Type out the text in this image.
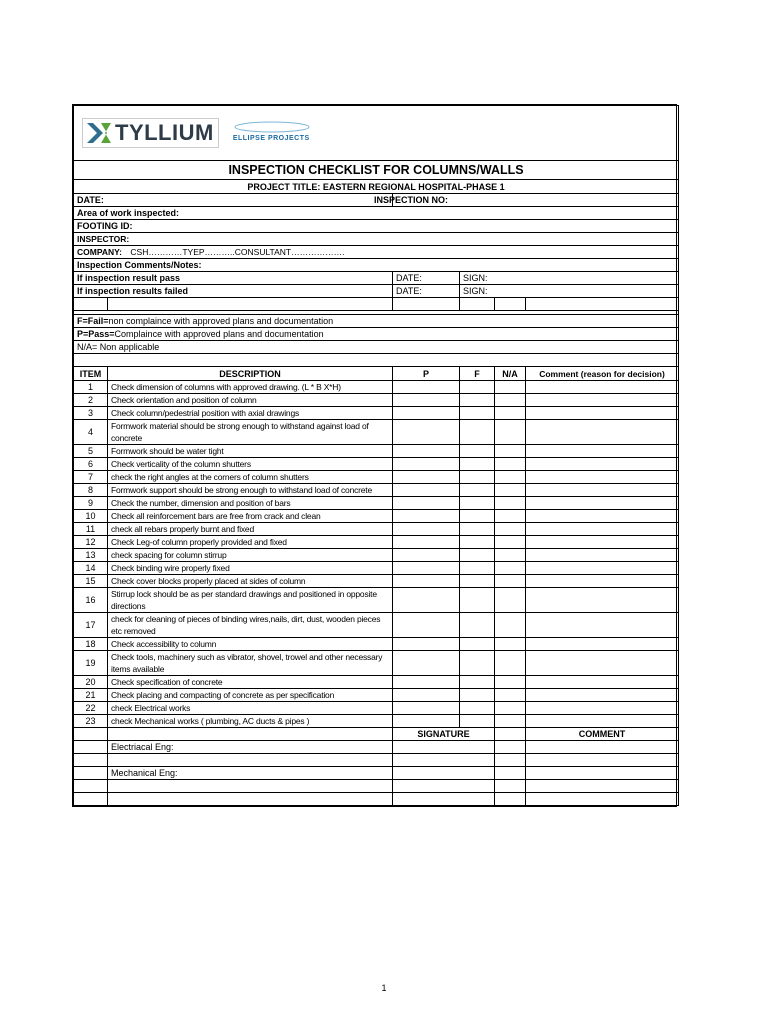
TYLLIUM ELLIPSE PROJECTS					

INSPECTION CHECKLIST FOR COLUMNS/WALLS					
PROJECT TITLE: EASTERN REGIONAL HOSPITAL-PHASE 1					
DATE:		INSPECTION NO:			
Area of work inspected:					
FOOTING ID:					
INSPECTOR:					
COMPANY: CSH…………TYEP………..CONSULTANT……………….					
Inspection Comments/Notes:					
If inspection result pass		DATE:	SIGN:		
If inspection results failed		DATE:	SIGN:		

F=Fail=non complaince with approved plans and documentation					
P=Pass=Complaince with approved plans and documentation					
N/A= Non applicable					

ITEM	DESCRIPTION	P	F	N/A	Comment (reason for decision)
1	Check dimension of columns with approved drawing. (L * B X*H)				
2	Check orientation and position of column				
3	Check column/pedestrial position with axial drawings				
4	Formwork material should be strong enough to withstand against load of concrete				
5	Formwork should be water tight				
6	Check verticality of the column shutters				
7	check the right angles at the corners of column shutters				
8	Formwork support should be strong enough to withstand load of concrete				
9	Check the number, dimension and position of bars				
10	Check all reinforcement bars are free from crack and clean				
11	check all rebars properly burnt and fixed				
12	Check Leg-of column properly provided and fixed				
13	check spacing for column stirrup				
14	Check binding wire properly fixed				
15	Check cover blocks properly placed at sides of column				
16	Stirrup lock should be as per standard drawings and positioned in opposite directions				
17	check for cleaning of pieces of binding wires,nails, dirt, dust, wooden pieces etc removed				
18	Check accessibility to column				
19	Check tools, machinery such as vibrator, shovel, trowel and other necessary items available				
20	Check specification of concrete				
21	Check placing and compacting of concrete as per specification				
22	check Electrical works				
23	check Mechanical works ( plumbing, AC ducts & pipes )				
		SIGNATURE			COMMENT
	Electriacal Eng:				

	Mechanical Eng:				

1
